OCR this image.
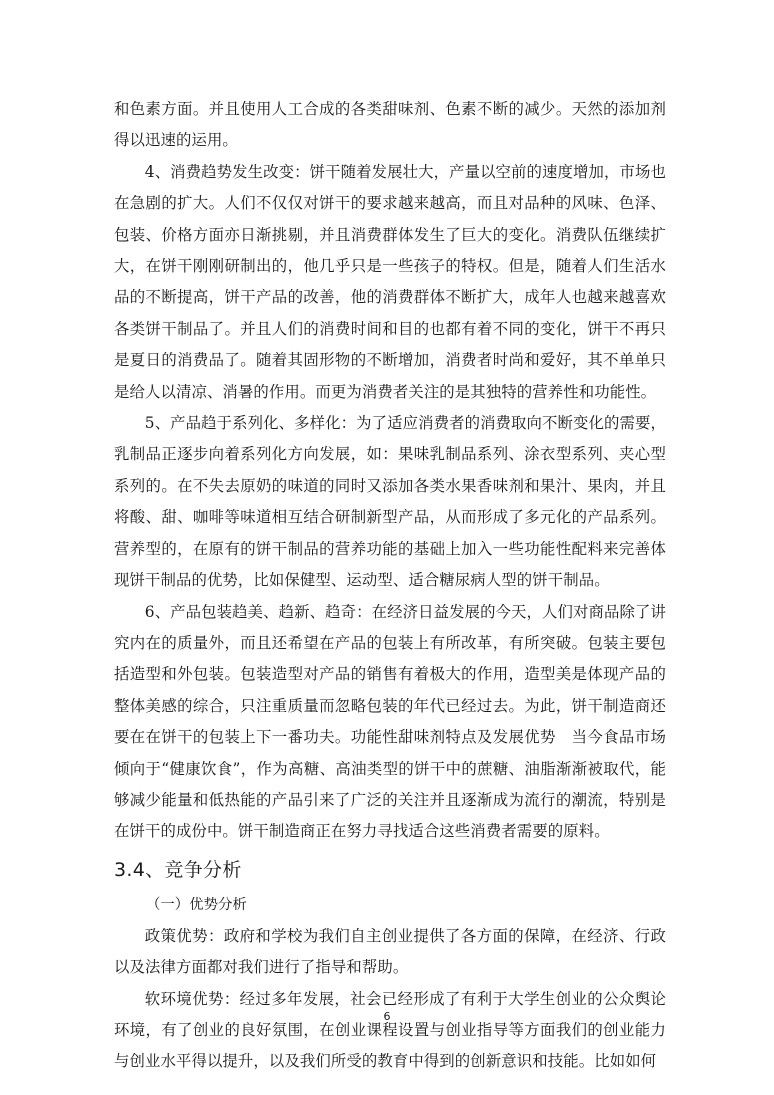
和色素方面。并且使用人工合成的各类甜味剂、色素不断的减少。天然的添加剂得以迅速的运用。

4、消费趋势发生改变：饼干随着发展壮大，产量以空前的速度增加，市场也在急剧的扩大。人们不仅仅对饼干的要求越来越高，而且对品种的风味、色泽、包装、价格方面亦日渐挑剔，并且消费群体发生了巨大的变化。消费队伍继续扩大，在饼干刚刚研制出的，他几乎只是一些孩子的特权。但是，随着人们生活水品的不断提高，饼干产品的改善，他的消费群体不断扩大，成年人也越来越喜欢各类饼干制品了。并且人们的消费时间和目的也都有着不同的变化，饼干不再只是夏日的消费品了。随着其固形物的不断增加，消费者时尚和爱好，其不单单只是给人以清凉、消暑的作用。而更为消费者关注的是其独特的营养性和功能性。

5、产品趋于系列化、多样化：为了适应消费者的消费取向不断变化的需要，乳制品正逐步向着系列化方向发展，如：果味乳制品系列、涂衣型系列、夹心型系列的。在不失去原奶的味道的同时又添加各类水果香味剂和果汁、果肉，并且将酸、甜、咖啡等味道相互结合研制新型产品，从而形成了多元化的产品系列。营养型的，在原有的饼干制品的营养功能的基础上加入一些功能性配料来完善体现饼干制品的优势，比如保健型、运动型、适合糖尿病人型的饼干制品。

6、产品包装趋美、趋新、趋奇：在经济日益发展的今天，人们对商品除了讲究内在的质量外，而且还希望在产品的包装上有所改革，有所突破。包装主要包括造型和外包装。包装造型对产品的销售有着极大的作用，造型美是体现产品的整体美感的综合，只注重质量而忽略包装的年代已经过去。为此，饼干制造商还要在在饼干的包装上下一番功夫。功能性甜味剂特点及发展优势　当今食品市场倾向于“健康饮食”，作为高糖、高油类型的饼干中的蔗糖、油脂渐渐被取代，能够减少能量和低热能的产品引来了广泛的关注并且逐渐成为流行的潮流，特别是在饼干的成份中。饼干制造商正在努力寻找适合这些消费者需要的原料。

3.4、竞争分析

（一）优势分析

政策优势：政府和学校为我们自主创业提供了各方面的保障，在经济、行政以及法律方面都对我们进行了指导和帮助。

软环境优势：经过多年发展，社会已经形成了有利于大学生创业的公众舆论环境，有了创业的良好氛围，在创业课程设置与创业指导等方面我们的创业能力与创业水平得以提升，以及我们所受的教育中得到的创新意识和技能。比如如何

6
